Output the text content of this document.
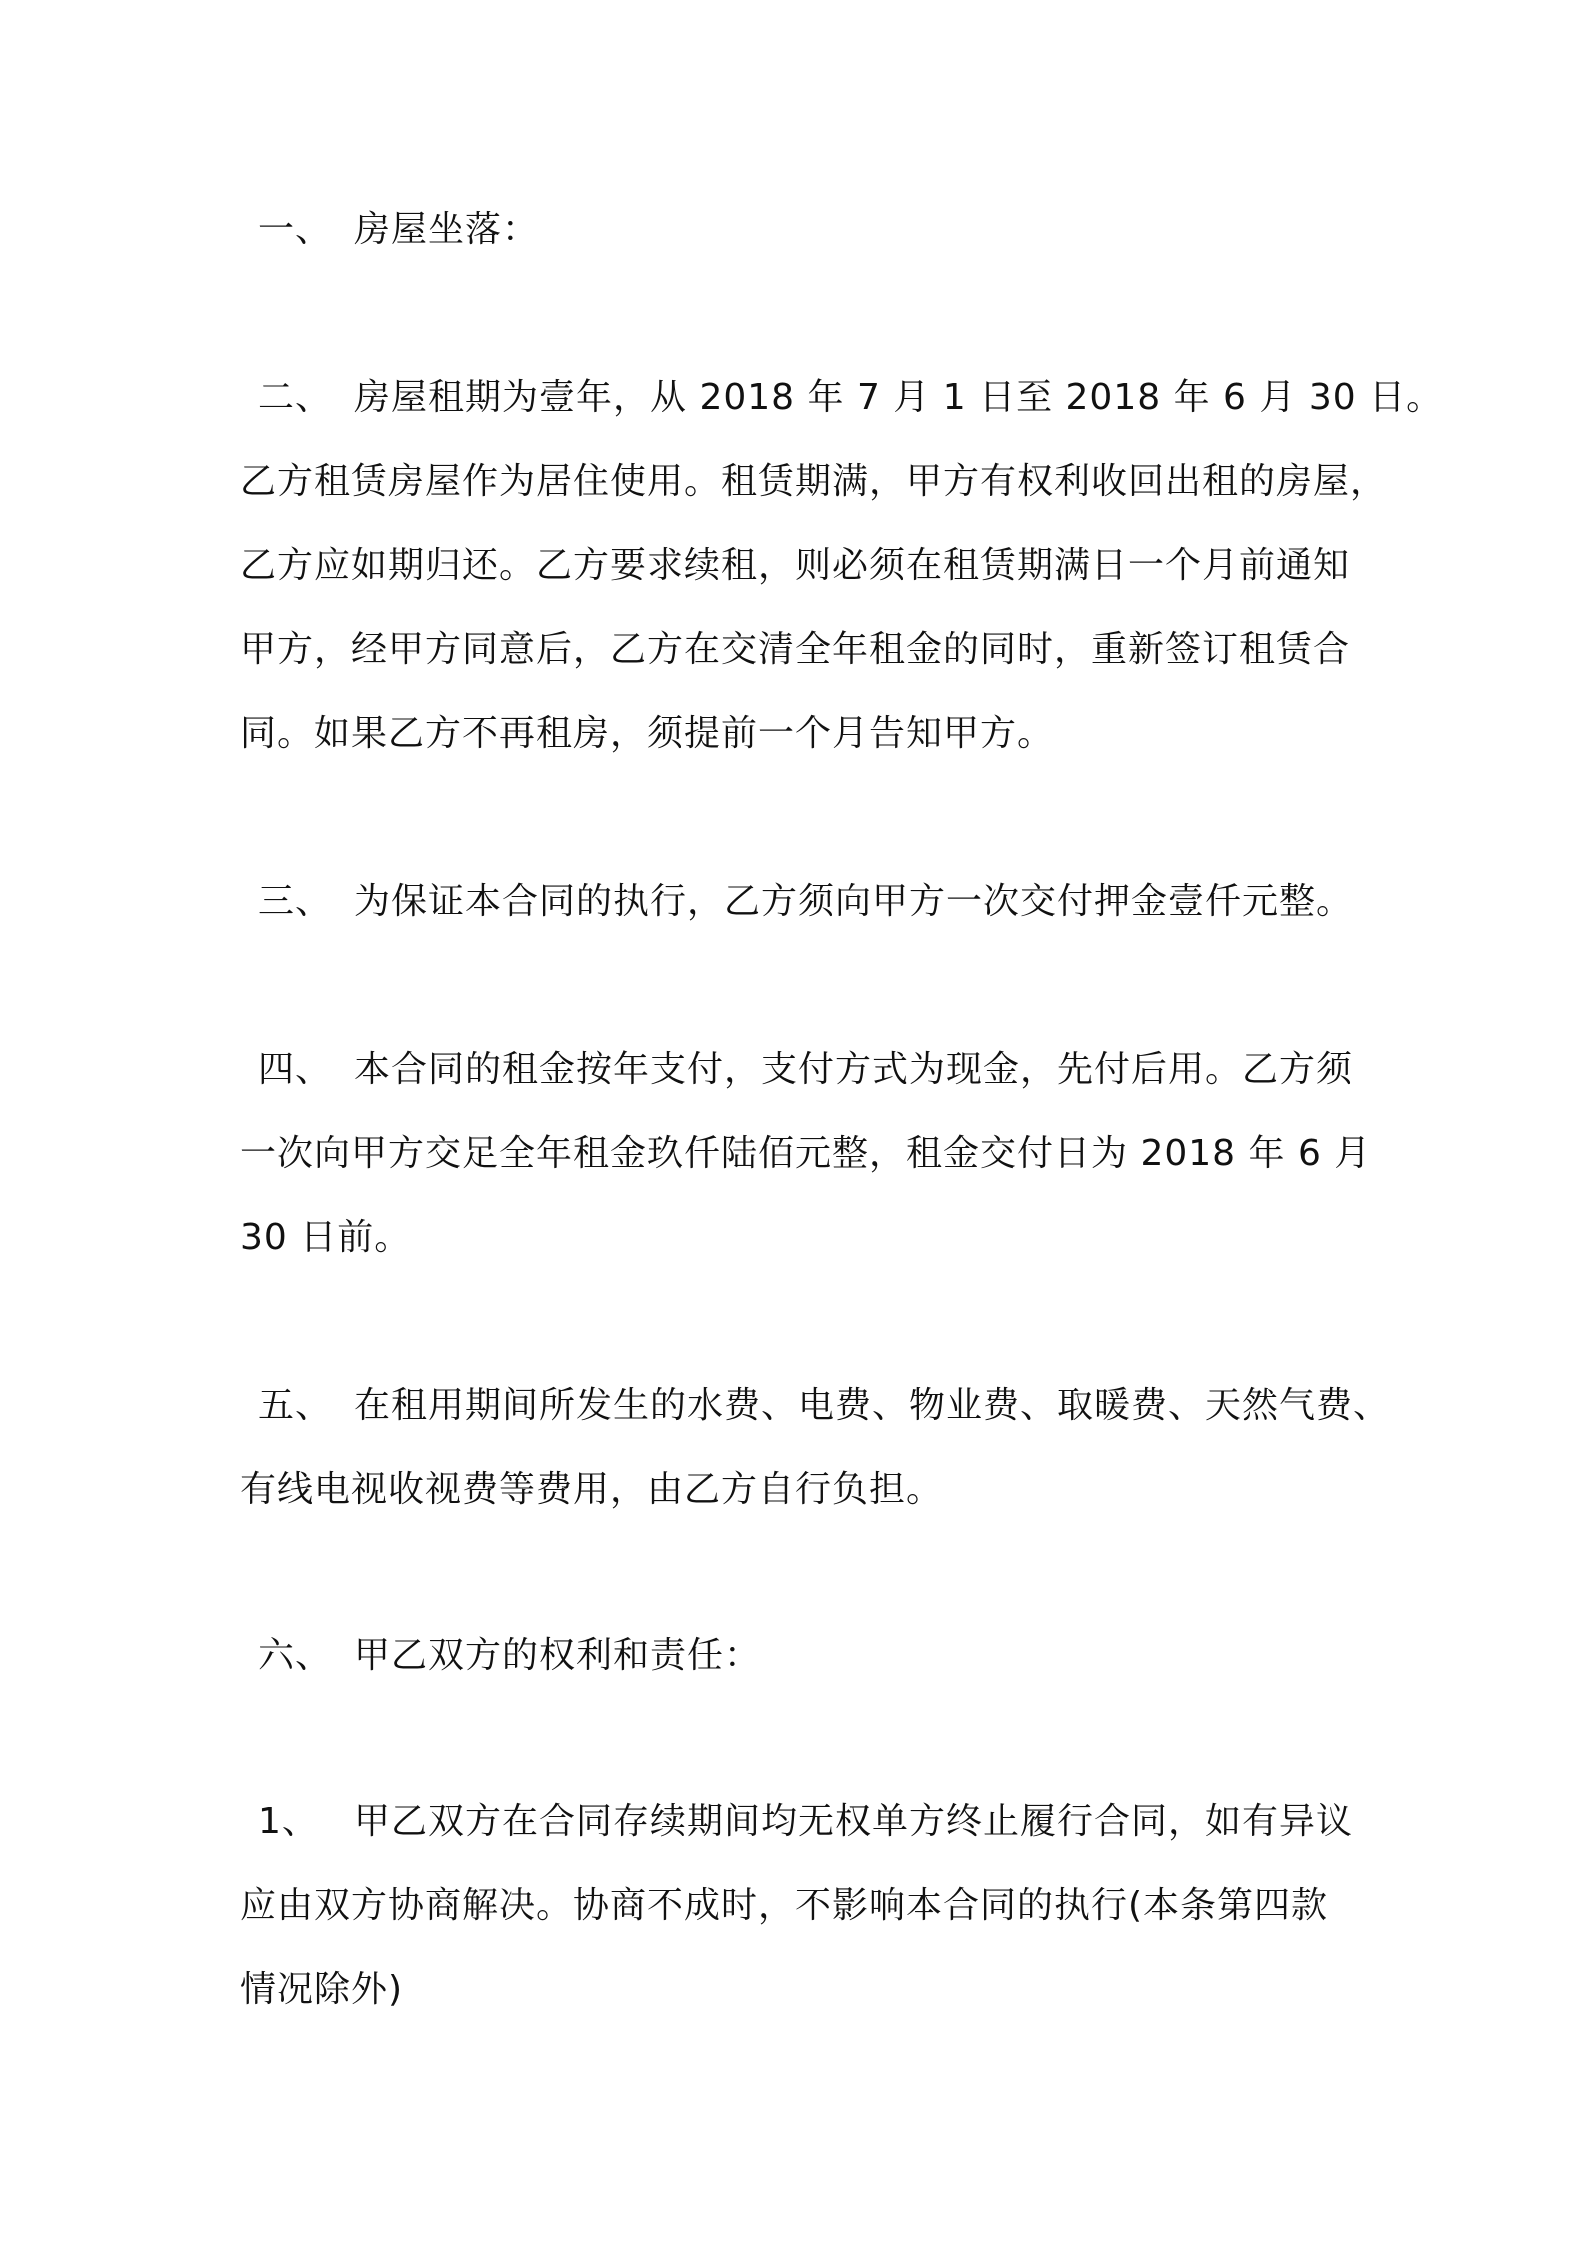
一、 房屋坐落：
二、 房屋租期为壹年，从 2018 年 7 月 1 日至 2018 年 6 月 30 日。
乙方租赁房屋作为居住使用。租赁期满，甲方有权利收回出租的房屋，
乙方应如期归还。乙方要求续租，则必须在租赁期满日一个月前通知
甲方，经甲方同意后，乙方在交清全年租金的同时，重新签订租赁合
同。如果乙方不再租房，须提前一个月告知甲方。
三、 为保证本合同的执行，乙方须向甲方一次交付押金壹仟元整。
四、 本合同的租金按年支付，支付方式为现金，先付后用。乙方须
一次向甲方交足全年租金玖仟陆佰元整，租金交付日为 2018 年 6 月
30 日前。
五、 在租用期间所发生的水费、电费、物业费、取暖费、天然气费、
有线电视收视费等费用，由乙方自行负担。
六、 甲乙双方的权利和责任：
1、 甲乙双方在合同存续期间均无权单方终止履行合同，如有异议
应由双方协商解决。协商不成时，不影响本合同的执行(本条第四款
情况除外)
